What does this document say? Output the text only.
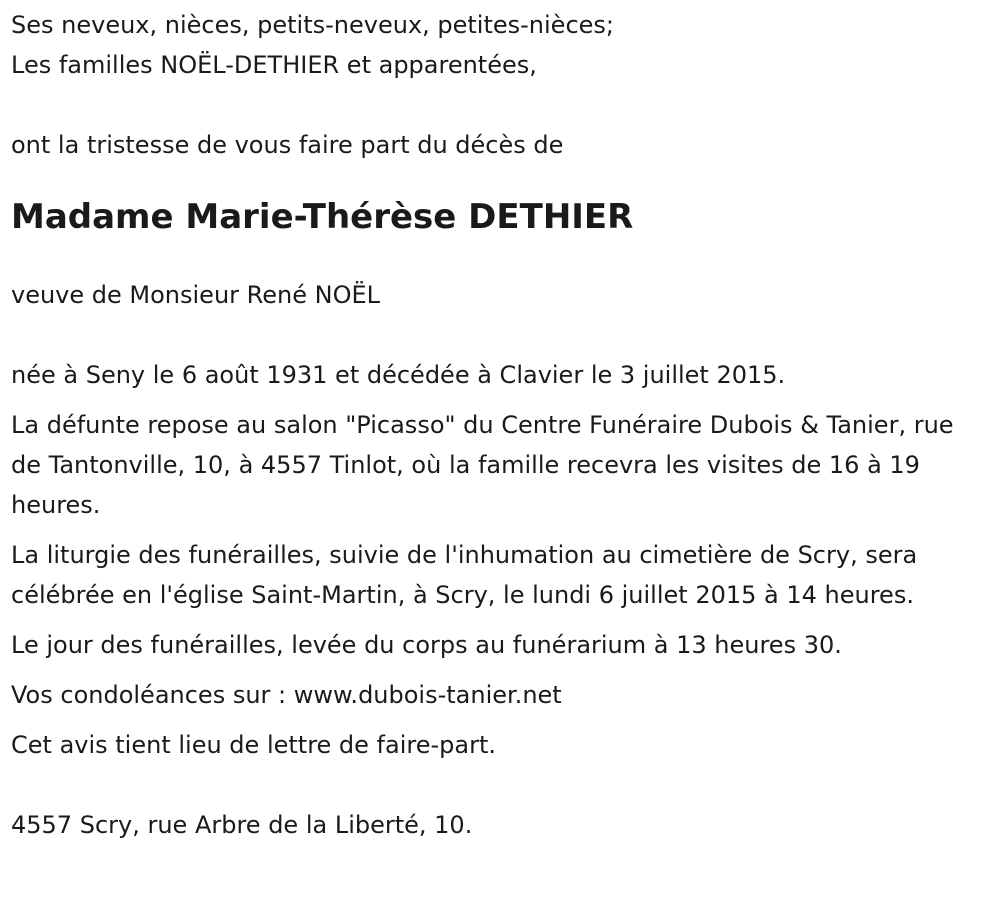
Ses neveux, nièces, petits-neveux, petites-nièces;

Les familles NOËL-DETHIER et apparentées,

ont la tristesse de vous faire part du décès de

Madame Marie-Thérèse DETHIER

veuve de Monsieur René NOËL

née à Seny le 6 août 1931 et décédée à Clavier le 3 juillet 2015.

La défunte repose au salon "Picasso" du Centre Funéraire Dubois & Tanier, rue de Tantonville, 10, à 4557 Tinlot, où la famille recevra les visites de 16 à 19 heures.

La liturgie des funérailles, suivie de l'inhumation au cimetière de Scry, sera célébrée en l'église Saint-Martin, à Scry, le lundi 6 juillet 2015 à 14 heures.

Le jour des funérailles, levée du corps au funérarium à 13 heures 30.

Vos condoléances sur : www.dubois-tanier.net

Cet avis tient lieu de lettre de faire-part.

4557 Scry, rue Arbre de la Liberté, 10.
